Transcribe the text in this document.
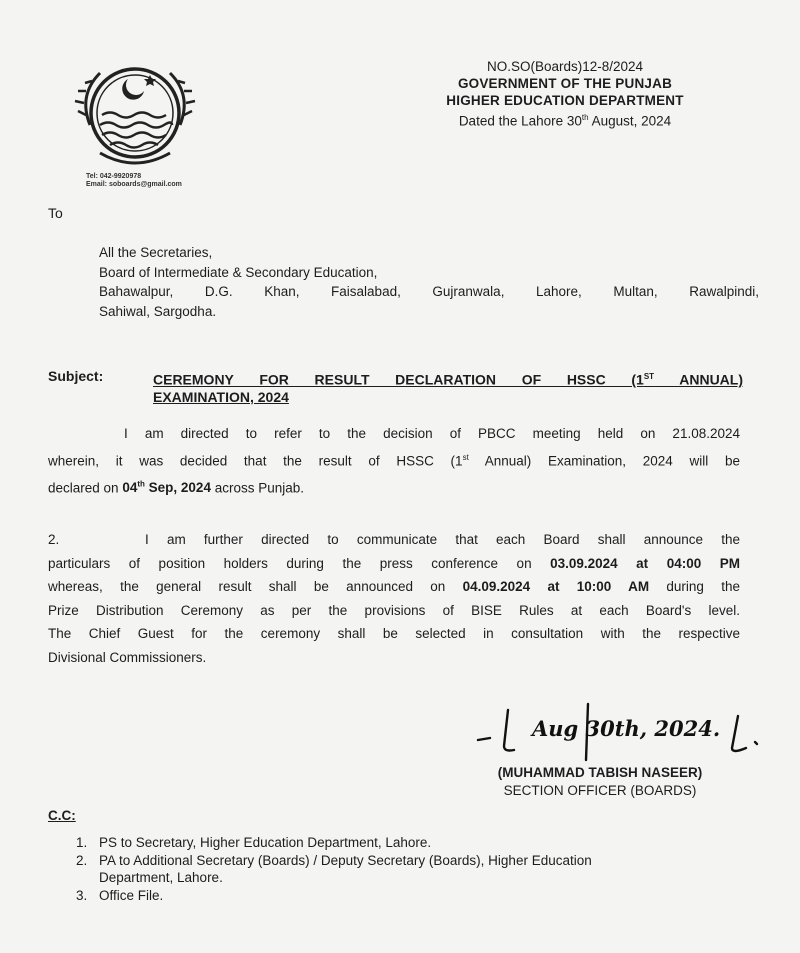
Tel: 042-9920978
Email: soboards@gmail.com
NO.SO(Boards)12-8/2024
GOVERNMENT OF THE PUNJAB
HIGHER EDUCATION DEPARTMENT
Dated the Lahore 30th August, 2024
To
All the Secretaries,
Board of Intermediate & Secondary Education,
Bahawalpur, D.G. Khan, Faisalabad, Gujranwala, Lahore, Multan, Rawalpindi,
Sahiwal, Sargodha.
Subject:	CEREMONY FOR RESULT DECLARATION OF HSSC (1ST ANNUAL)
EXAMINATION, 2024
I am directed to refer to the decision of PBCC meeting held on 21.08.2024
wherein, it was decided that the result of HSSC (1st Annual) Examination, 2024 will be
declared on 04th Sep, 2024 across Punjab.
2.	I am further directed to communicate that each Board shall announce the
particulars of position holders during the press conference on 03.09.2024 at 04:00 PM
whereas, the general result shall be announced on 04.09.2024 at 10:00 AM during the
Prize Distribution Ceremony as per the provisions of BISE Rules at each Board's level.
The Chief Guest for the ceremony shall be selected in consultation with the respective
Divisional Commissioners.
Aug 30th, 2024.
(MUHAMMAD TABISH NASEER)
SECTION OFFICER (BOARDS)
C.C:
1. PS to Secretary, Higher Education Department, Lahore.
2. PA to Additional Secretary (Boards) / Deputy Secretary (Boards), Higher Education
Department, Lahore.
3. Office File.
